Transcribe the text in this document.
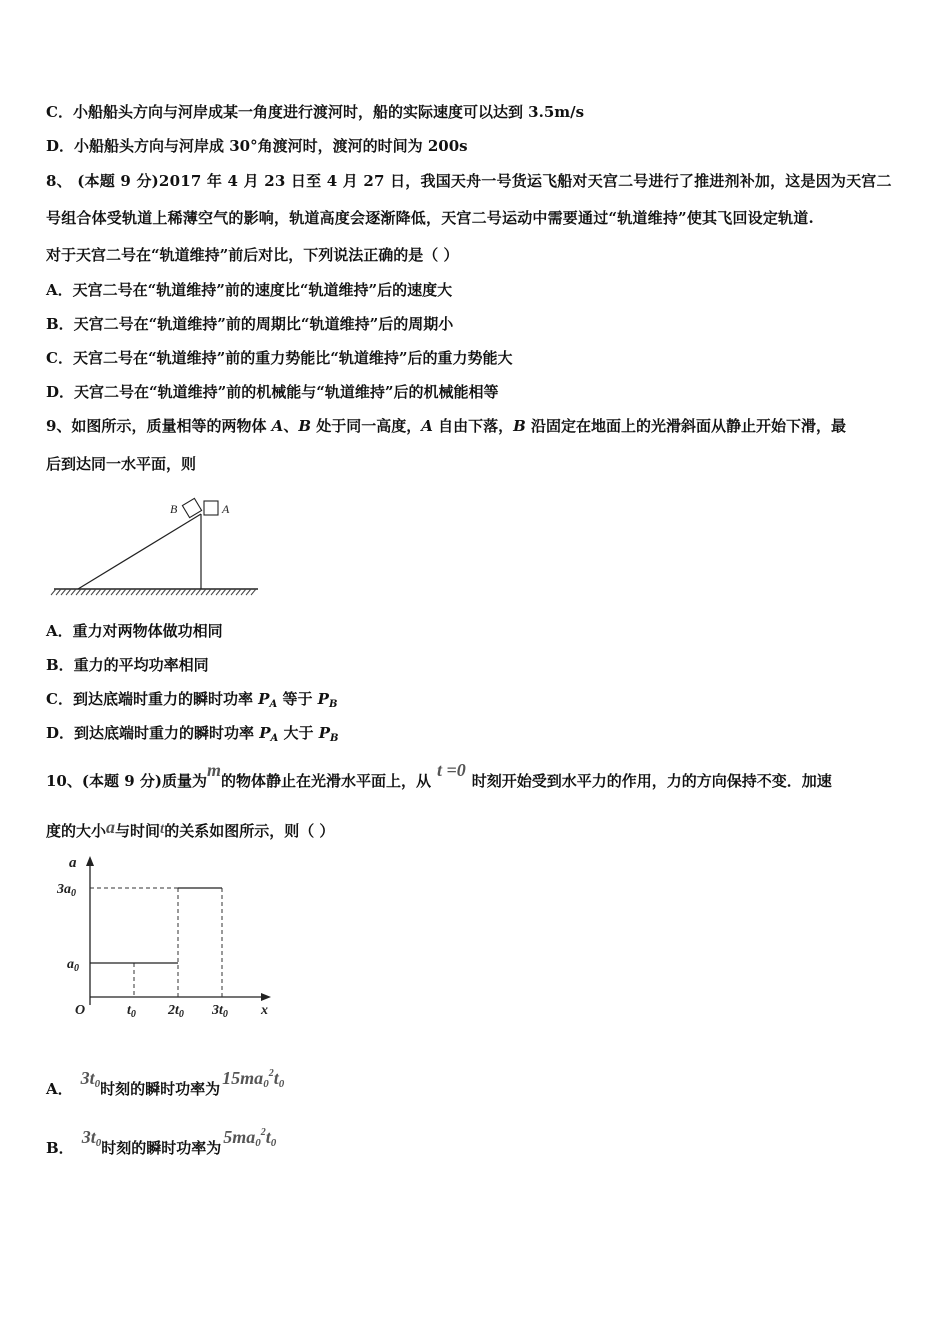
C．小船船头方向与河岸成某一角度进行渡河时，船的实际速度可以达到 3.5m/s
D．小船船头方向与河岸成 30°角渡河时，渡河的时间为 200s
8、 (本题 9 分)2017 年 4 月 23 日至 4 月 27 日，我国天舟一号货运飞船对天宫二号进行了推进剂补加，这是因为天宫二
号组合体受轨道上稀薄空气的影响，轨道高度会逐渐降低，天宫二号运动中需要通过“轨道维持”使其飞回设定轨道.
对于天宫二号在“轨道维持”前后对比，下列说法正确的是（ ）
A．天宫二号在“轨道维持”前的速度比“轨道维持”后的速度大
B．天宫二号在“轨道维持”前的周期比“轨道维持”后的周期小
C．天宫二号在“轨道维持”前的重力势能比“轨道维持”后的重力势能大
D．天宫二号在“轨道维持”前的机械能与“轨道维持”后的机械能相等
9、如图所示，质量相等的两物体 A、B 处于同一高度，A 自由下落，B 沿固定在地面上的光滑斜面从静止开始下滑，最
后到达同一水平面，则
B	A
A．重力对两物体做功相同
B．重力的平均功率相同
C．到达底端时重力的瞬时功率 $P_A$ 等于 $P_B$
D．到达底端时重力的瞬时功率 $P_A$ 大于 $P_B$
10、(本题 9 分)质量为m的物体静止在光滑水平面上，从t =0时刻开始受到水平力的作用，力的方向保持不变．加速
度的大小a与时间t的关系如图所示，则（ ）
a
$3a_0$
$a_0$
O	$t_0$ $2t_0$ $3t_0$ x
A．3t0时刻的瞬时功率为$15ma0^2t0$
B．3t0时刻的瞬时功率为$5ma0^2t0$
